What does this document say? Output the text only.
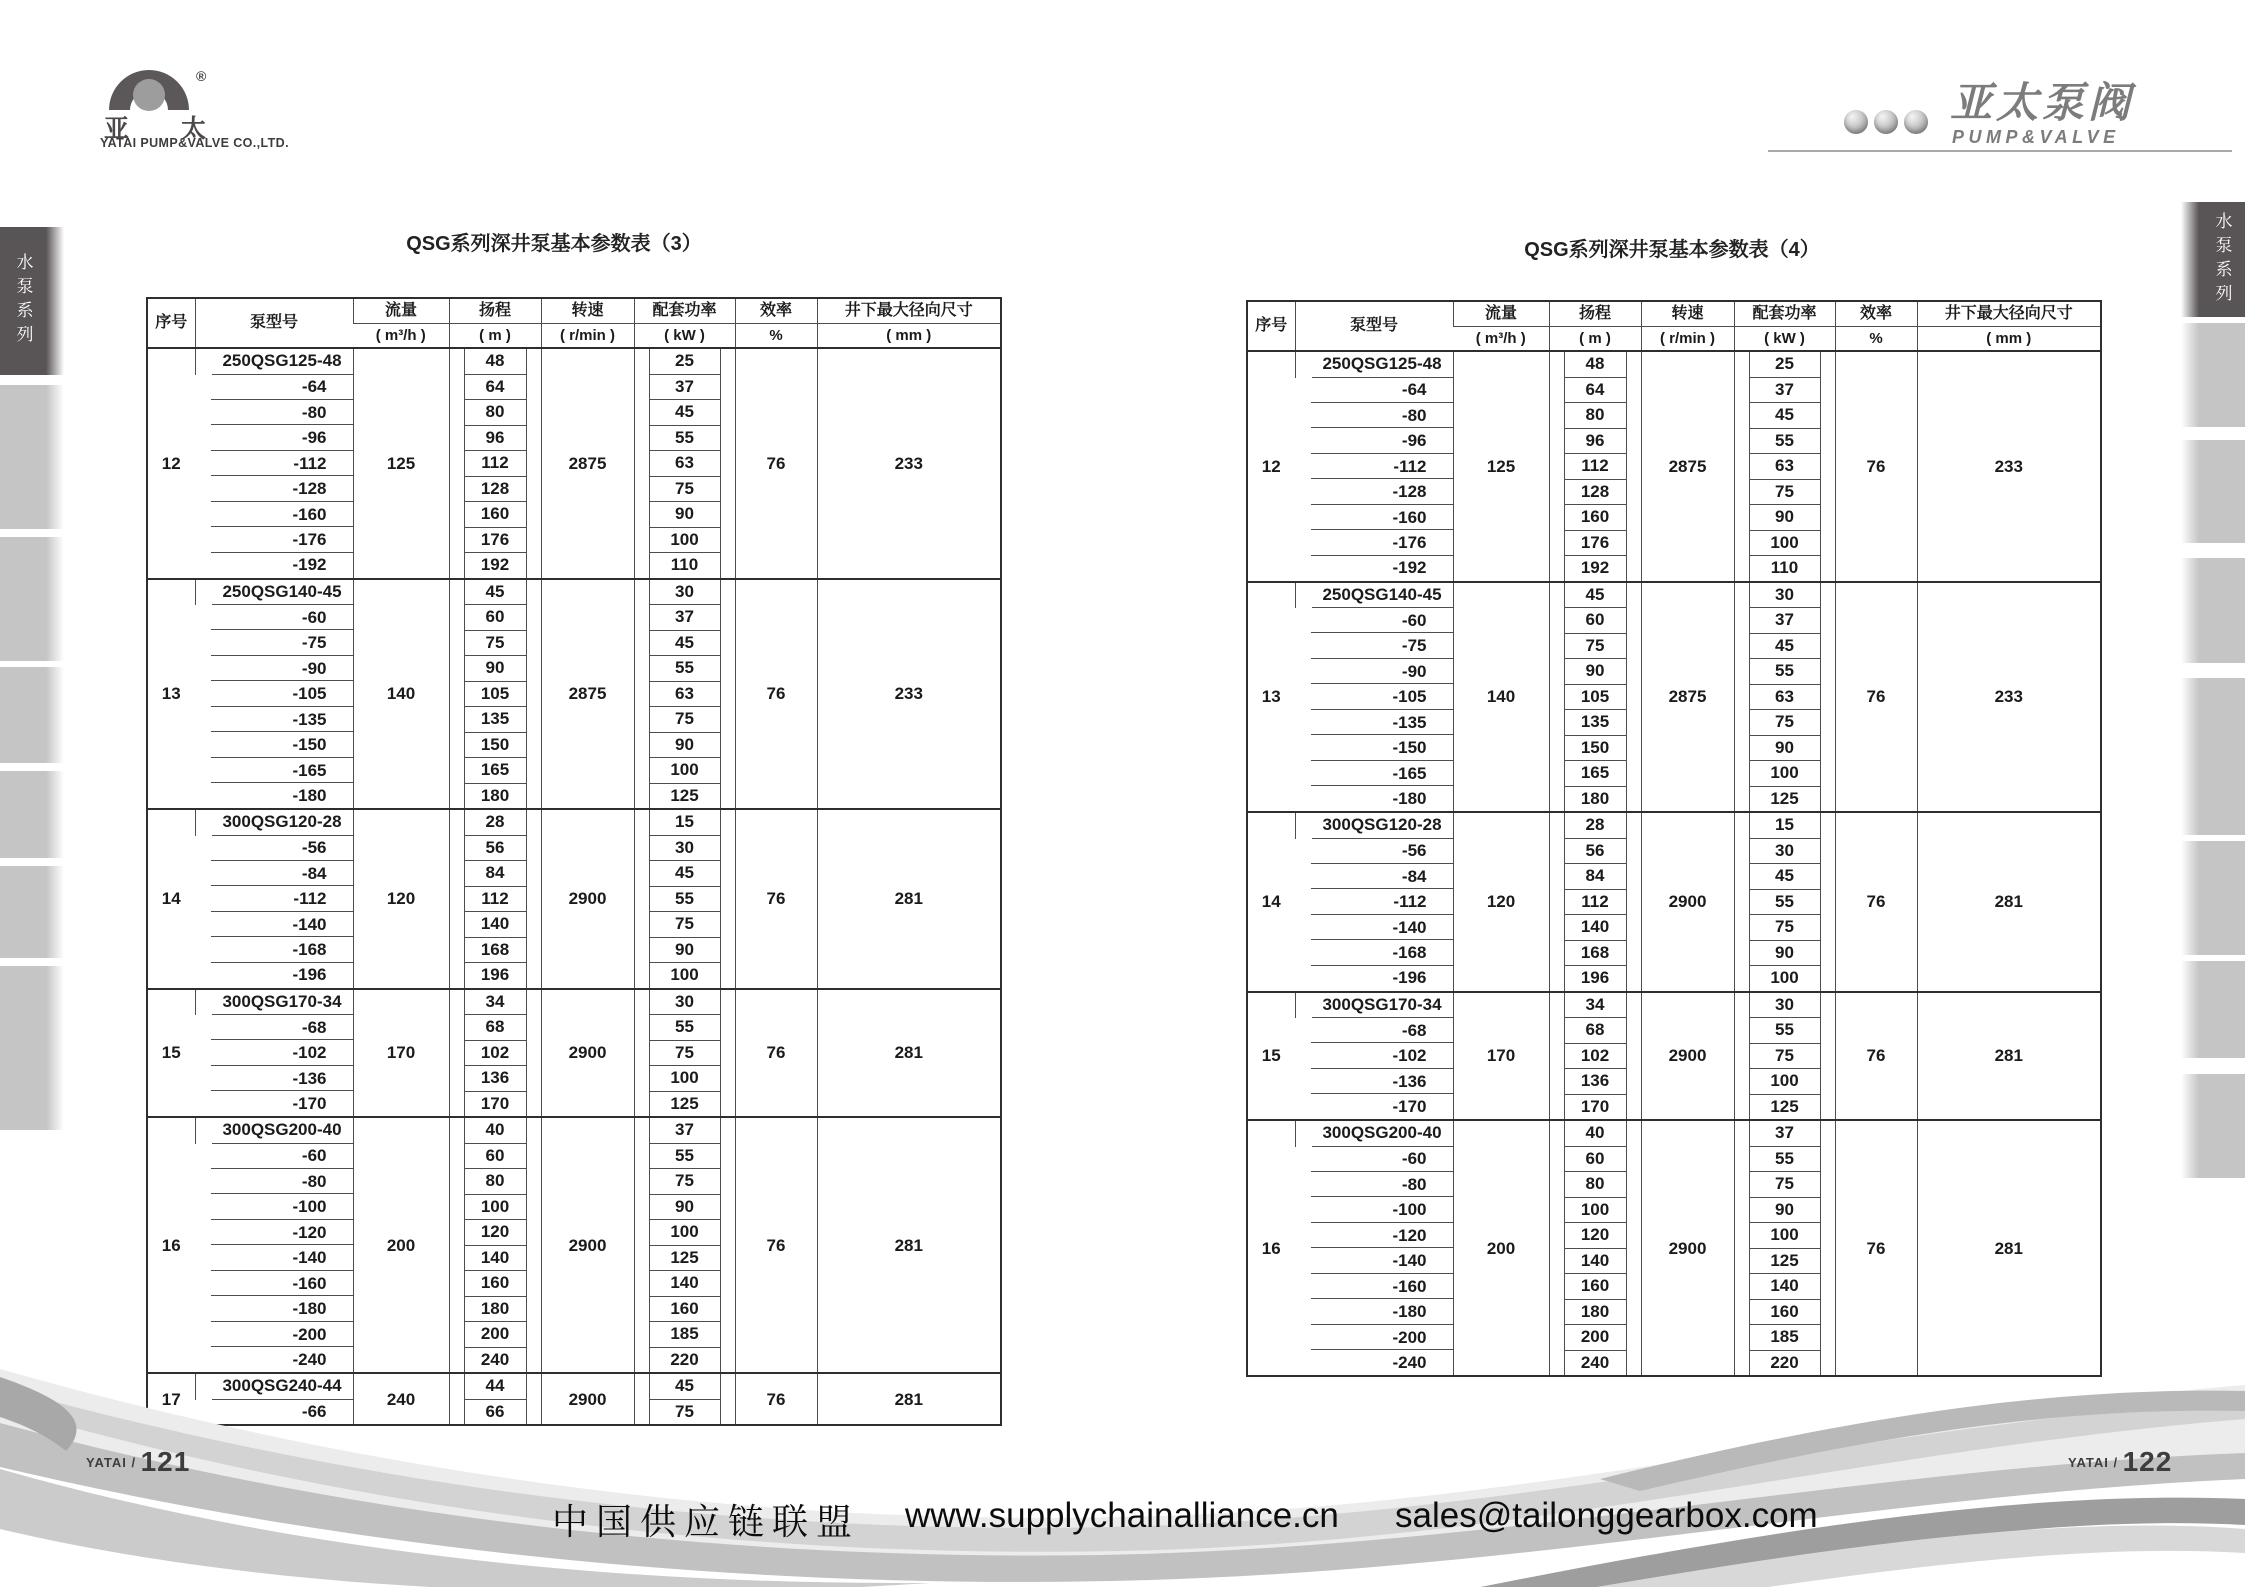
®
亚 太
YATAI PUMP&VALVE CO.,LTD.
亚太泵阀
PUMP&VALVE
水泵系列	水泵系列
QSG系列深井泵基本参数表（3）	QSG系列深井泵基本参数表（4）
序号	泵型号	流量	扬程	转速	配套功率	效率	井下最大径向尺寸
		( m³/h )	( m )	( r/min )	( kW )	%	( mm )
12	250QSG125-48	125	48	2875	25	76	233

	-64		64		37		

	-80		80		45		

	-96		96		55		

	-112		112		63		

	-128		128		75		

	-160		160		90		

	-176		176		100		

	-192		192		110		

13	250QSG140-45	140	45	2875	30	76	233

	-60		60		37		

	-75		75		45		

	-90		90		55		

	-105		105		63		

	-135		135		75		

	-150		150		90		

	-165		165		100		

	-180		180		125		

14	300QSG120-28	120	28	2900	15	76	281

	-56		56		30		

	-84		84		45		

	-112		112		55		

	-140		140		75		

	-168		168		90		

	-196		196		100		

15	300QSG170-34	170	34	2900	30	76	281

	-68		68		55		

	-102		102		75		

	-136		136		100		

	-170		170		125		

16	300QSG200-40	200	40	2900	37	76	281

	-60		60		55		

	-80		80		75		

	-100		100		90		

	-120		120		100		

	-140		140		125		

	-160		160		140		

	-180		180		160		

	-200		200		185		

	-240		240		220		

17	300QSG240-44	240	44	2900	45	76	281

	-66		66		75		
序号	泵型号	流量	扬程	转速	配套功率	效率	井下最大径向尺寸
		( m³/h )	( m )	( r/min )	( kW )	%	( mm )
12	250QSG125-48	125	48	2875	25	76	233

	-64		64		37		

	-80		80		45		

	-96		96		55		

	-112		112		63		

	-128		128		75		

	-160		160		90		

	-176		176		100		

	-192		192		110		

13	250QSG140-45	140	45	2875	30	76	233

	-60		60		37		

	-75		75		45		

	-90		90		55		

	-105		105		63		

	-135		135		75		

	-150		150		90		

	-165		165		100		

	-180		180		125		

14	300QSG120-28	120	28	2900	15	76	281

	-56		56		30		

	-84		84		45		

	-112		112		55		

	-140		140		75		

	-168		168		90		

	-196		196		100		

15	300QSG170-34	170	34	2900	30	76	281

	-68		68		55		

	-102		102		75		

	-136		136		100		

	-170		170		125		

16	300QSG200-40	200	40	2900	37	76	281

	-60		60		55		

	-80		80		75		

	-100		100		90		

	-120		120		100		

	-140		140		125		

	-160		160		140		

	-180		180		160		

	-200		200		185		

	-240		240		220		
$^{YATAI /}$ 121	$^{YATAI /}$ 122
中国供应链联盟 www.supplychainalliance.cn sales@tailonggearbox.com
